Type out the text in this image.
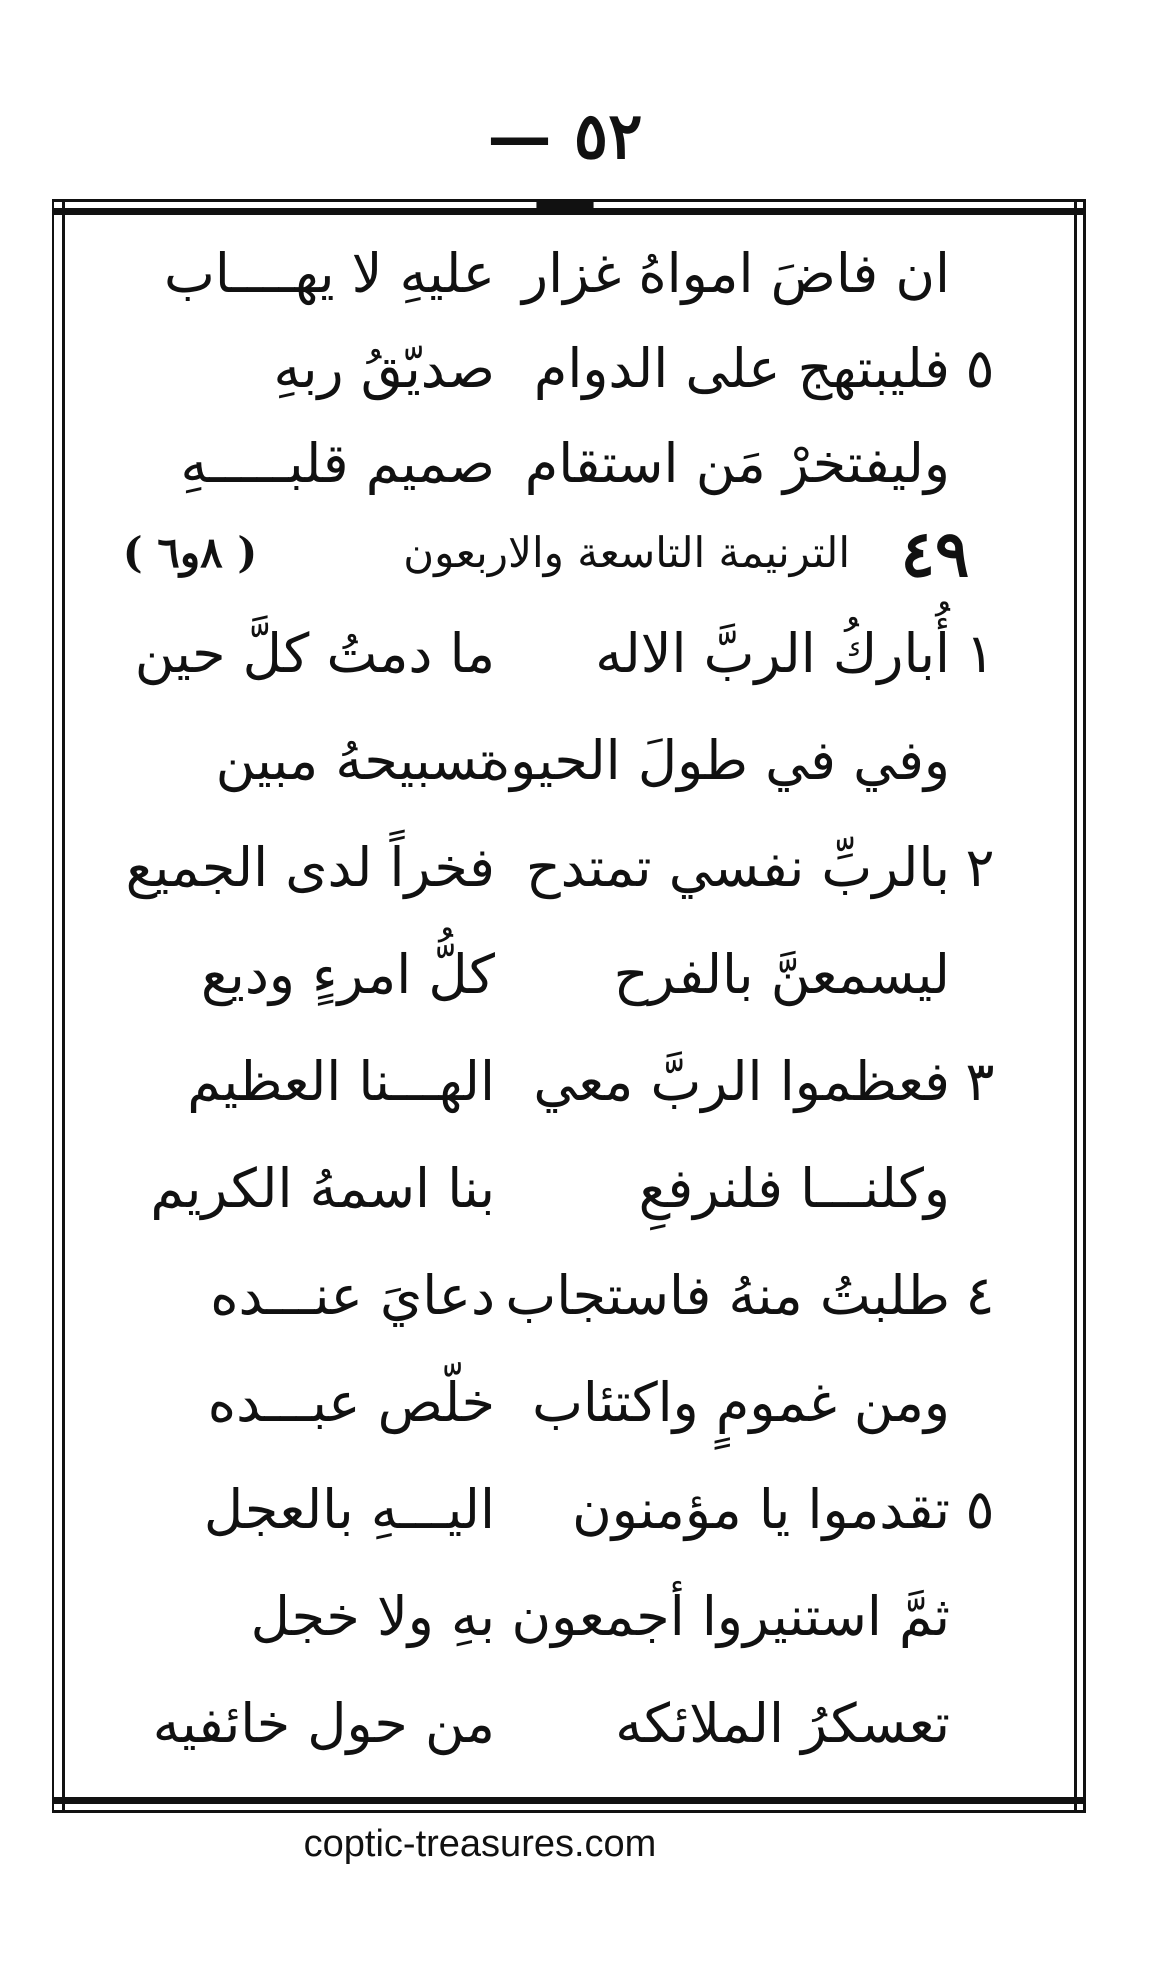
— ٥٢
ان فاضَ امواهُ غزار
عليهِ لا يهــــاب
٥
فليبتهج على الدوام
صديّقُ ربهِ
وليفتخرْ مَن استقام
صميم قلبـــــهِ
٤٩
الترنيمة التاسعة والاربعون
( ٨و٦ )
١
أُباركُ الربَّ الاله
ما دمتُ كلَّ حين
وفي في طولَ الحيوه
تسبيحهُ مبين
٢
بالربِّ نفسي تمتدح
فخراً لدى الجميع
ليسمعنَّ بالفرح
كلُّ امرءٍ وديع
٣
فعظموا الربَّ معي
الهـــنا العظيم
وكلنـــا فلنرفعِ
بنا اسمهُ الكريم
٤
طلبتُ منهُ فاستجاب
دعايَ عنـــده
ومن غمومٍ واكتئاب
خلّص عبـــده
٥
تقدموا يا مؤمنون
اليـــهِ بالعجل
ثمَّ استنيروا أجمعون
بهِ ولا خجل
تعسكرُ الملائكه
من حول خائفيه
coptic-treasures.com
